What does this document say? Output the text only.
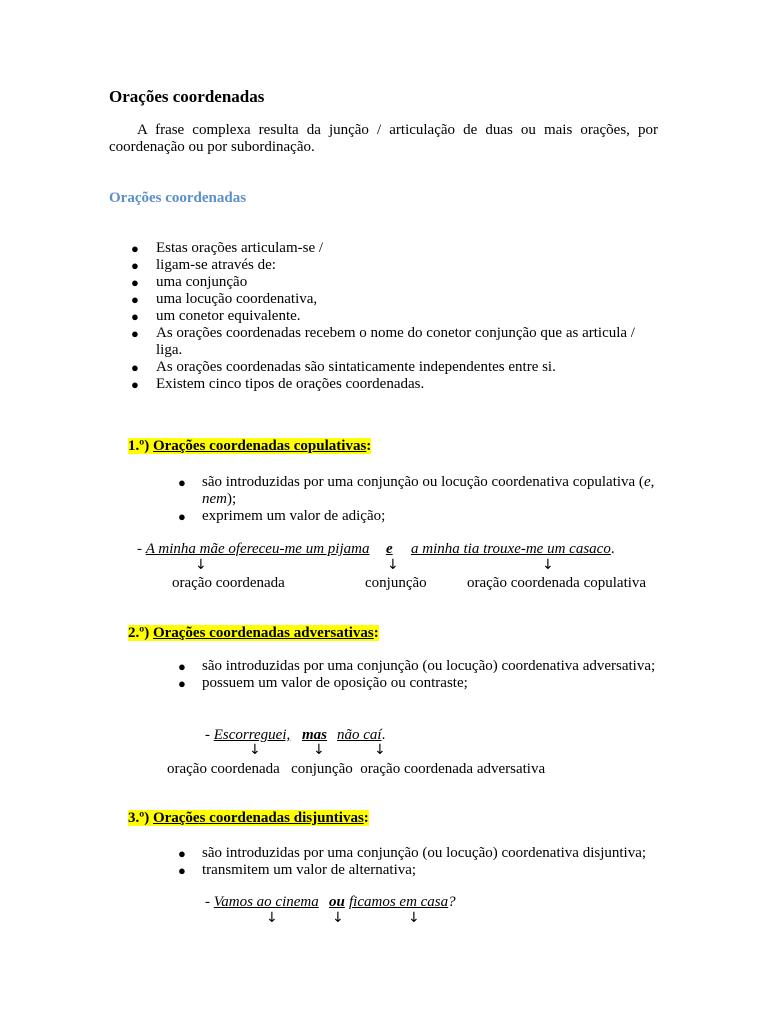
Orações coordenadas
A frase complexa resulta da junção / articulação de duas ou mais orações, por coordenação ou por subordinação.
Orações coordenadas
● Estas orações articulam-se /
● ligam-se através de:
● uma conjunção
● uma locução coordenativa,
● um conetor equivalente.
● As orações coordenadas recebem o nome do conetor conjunção que as articula / liga.
● As orações coordenadas são sintaticamente independentes entre si.
● Existem cinco tipos de orações coordenadas.
1.º) Orações coordenadas copulativas:
● são introduzidas por uma conjunção ou locução coordenativa copulativa (e, nem);
● exprimem um valor de adição;
- A minha mãe ofereceu-me um pijama e a minha tia trouxe-me um casaco.
↓	↓	↓
oração coordenada	conjunção	oração coordenada copulativa
2.º) Orações coordenadas adversativas:
● são introduzidas por uma conjunção (ou locução) coordenativa adversativa;
● possuem um valor de oposição ou contraste;
- Escorreguei, mas não caí.
↓	↓	↓
oração coordenada   conjunção  oração coordenada adversativa
3.º) Orações coordenadas disjuntivas:
● são introduzidas por uma conjunção (ou locução) coordenativa disjuntiva;
● transmitem um valor de alternativa;
- Vamos ao cinema ou ficamos em casa?
↓	↓	↓
